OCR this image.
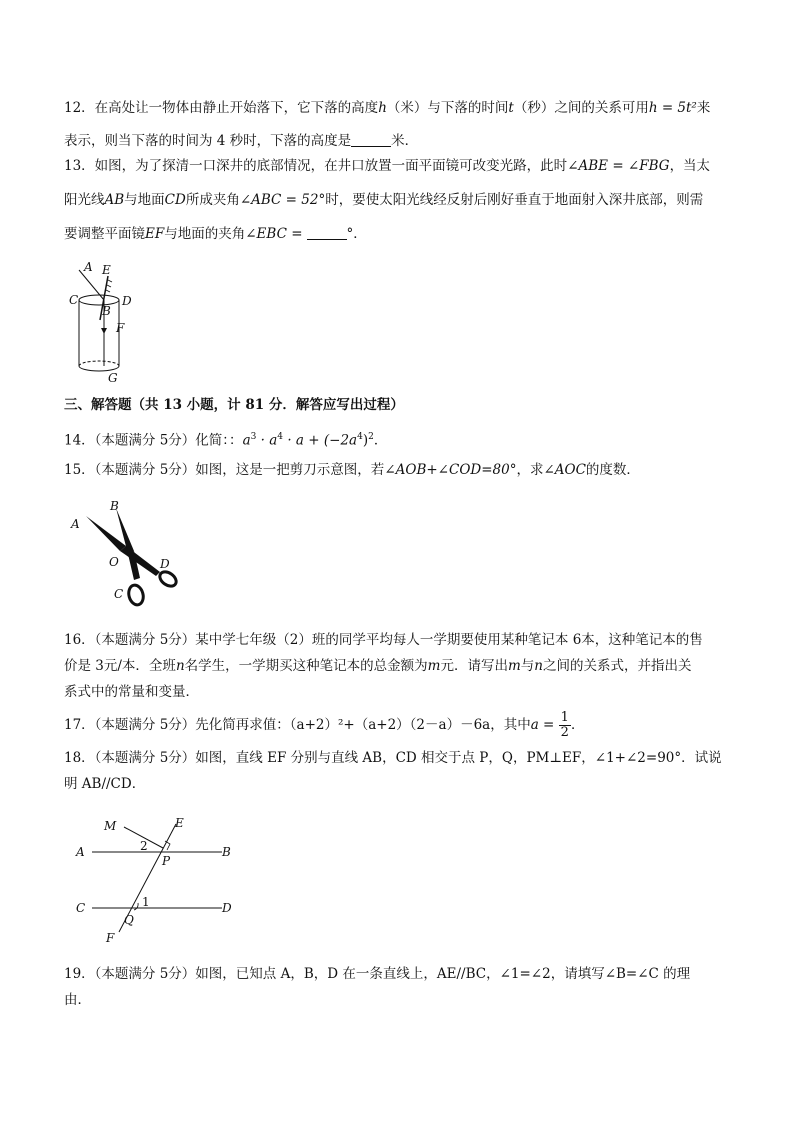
12．在高处让一物体由静止开始落下，它下落的高度h（米）与下落的时间t（秒）之间的关系可用h = 5t²来
表示，则当下落的时间为 4 秒时，下落的高度是	米．
13．如图，为了探清一口深井的底部情况，在井口放置一面平面镜可改变光路，此时∠ABE = ∠FBG，当太
阳光线AB与地面CD所成夹角∠ABC = 52°时，要使太阳光线经反射后刚好垂直于地面射入深井底部，则需
要调整平面镜EF与地面的夹角∠EBC =	°．
A E
C	D
B
F
G
三、解答题（共 13 小题，计 81 分．解答应写出过程）
14．（本题满分 5分）化简：：$a^3 \cdot a^4 \cdot a + (-2a^4)^2$．
15．（本题满分 5分）如图，这是一把剪刀示意图，若∠AOB+∠COD=80°，求∠AOC的度数．
A
B
O
C
D
16．（本题满分 5分）某中学七年级（2）班的同学平均每人一学期要使用某种笔记本 6本，这种笔记本的售
价是 3元/本．全班n名学生，一学期买这种笔记本的总金额为m元．请写出m与n之间的关系式，并指出关
系式中的常量和变量．
17．（本题满分 5分）先化简再求值：（a+2）²+（a+2）（2－a）－6a，其中$a = \frac{1}{2}$ ．
18．（本题满分 5分）如图，直线 EF 分别与直线 AB，CD 相交于点 P，Q，PM⊥EF，∠1+∠2=90°．试说
明 AB//CD．
M	E
A	2
P
B
C	1
Q
D
F
19．（本题满分 5分）如图，已知点 A，B，D 在一条直线上，AE//BC，∠1=∠2，请填写∠B=∠C 的理
由．
